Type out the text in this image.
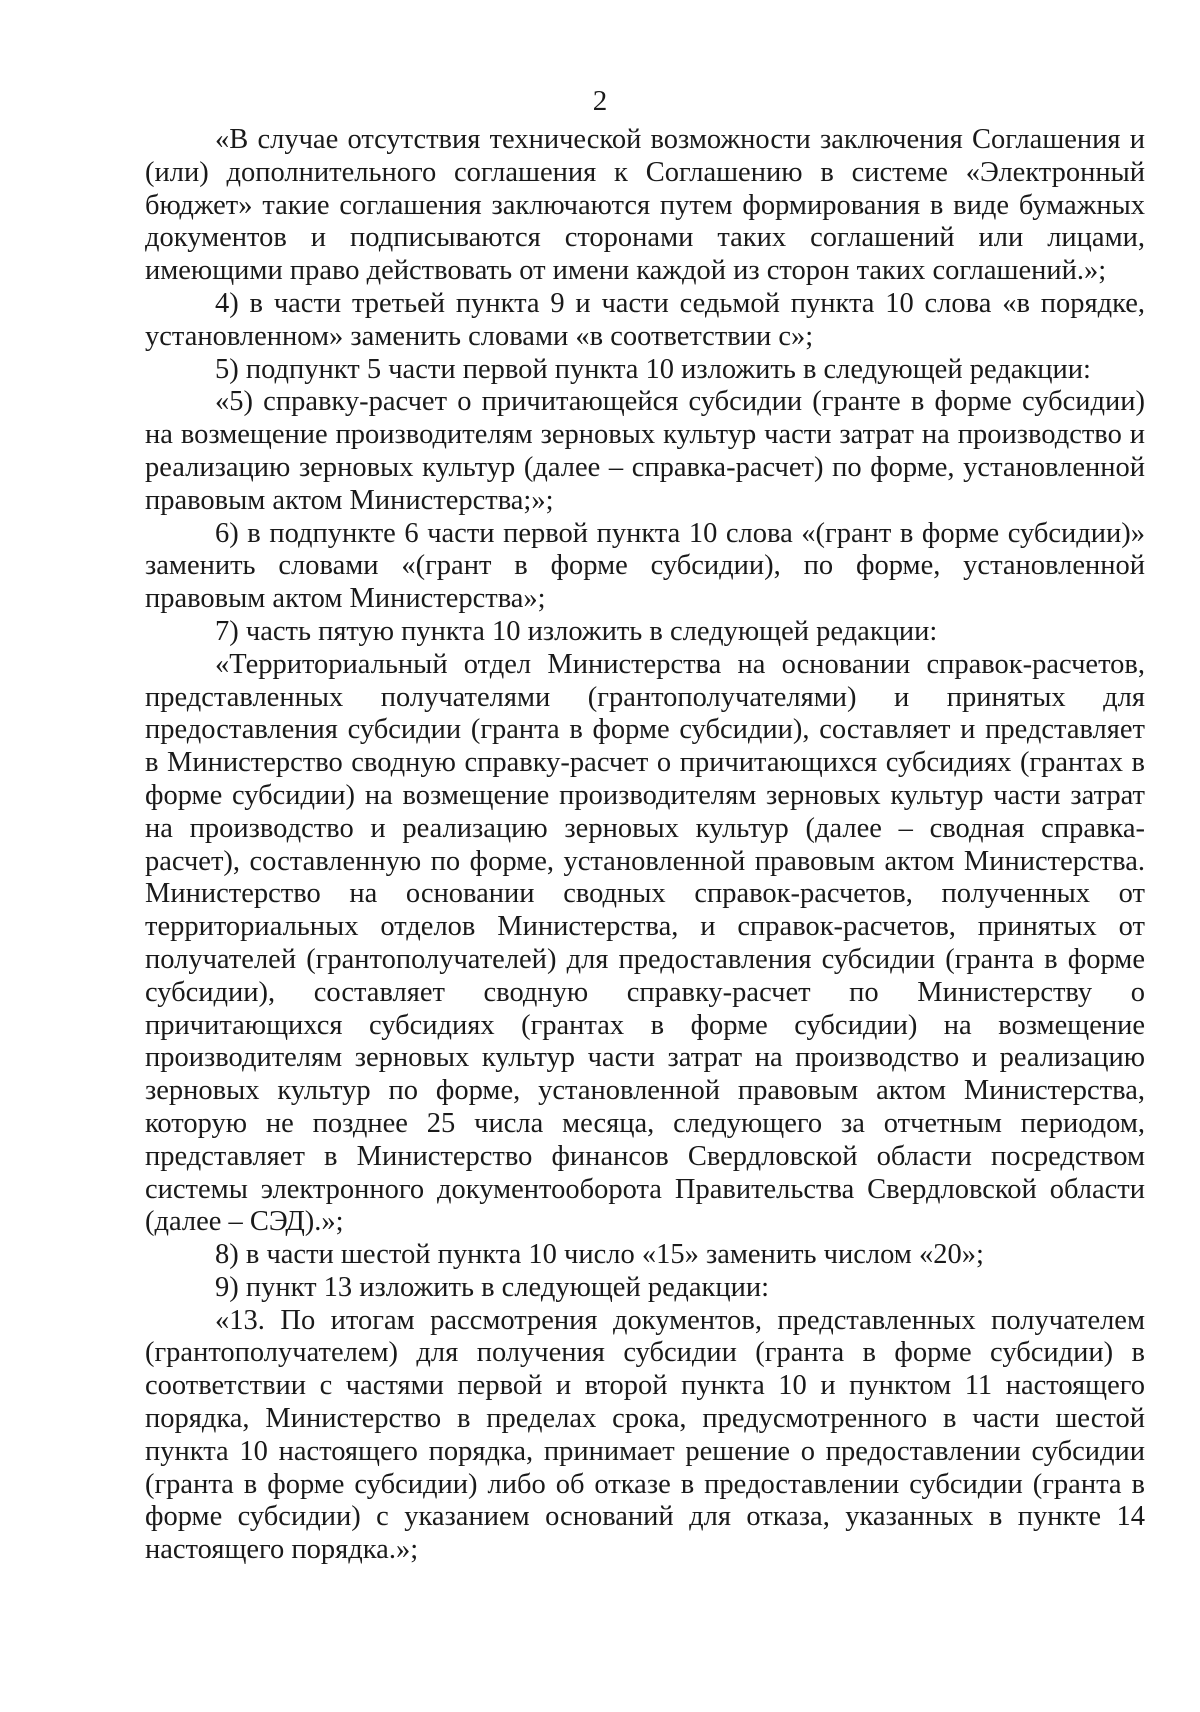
2

«В случае отсутствия технической возможности заключения Соглашения и (или) дополнительного соглашения к Соглашению в системе «Электронный бюджет» такие соглашения заключаются путем формирования в виде бумажных документов и подписываются сторонами таких соглашений или лицами, имеющими право действовать от имени каждой из сторон таких соглашений.»;

4) в части третьей пункта 9 и части седьмой пункта 10 слова «в порядке, установленном» заменить словами «в соответствии с»;

5) подпункт 5 части первой пункта 10 изложить в следующей редакции:

«5) справку-расчет о причитающейся субсидии (гранте в форме субсидии) на возмещение производителям зерновых культур части затрат на производство и реализацию зерновых культур (далее – справка-расчет) по форме, установленной правовым актом Министерства;»;

6) в подпункте 6 части первой пункта 10 слова «(грант в форме субсидии)» заменить словами «(грант в форме субсидии), по форме, установленной правовым актом Министерства»;

7) часть пятую пункта 10 изложить в следующей редакции:

«Территориальный отдел Министерства на основании справок-расчетов, представленных получателями (грантополучателями) и принятых для предоставления субсидии (гранта в форме субсидии), составляет и представляет в Министерство сводную справку-расчет о причитающихся субсидиях (грантах в форме субсидии) на возмещение производителям зерновых культур части затрат на производство и реализацию зерновых культур (далее – сводная справка-расчет), составленную по форме, установленной правовым актом Министерства. Министерство на основании сводных справок-расчетов, полученных от территориальных отделов Министерства, и справок-расчетов, принятых от получателей (грантополучателей) для предоставления субсидии (гранта в форме субсидии), составляет сводную справку-расчет по Министерству о причитающихся субсидиях (грантах в форме субсидии) на возмещение производителям зерновых культур части затрат на производство и реализацию зерновых культур по форме, установленной правовым актом Министерства, которую не позднее 25 числа месяца, следующего за отчетным периодом, представляет в Министерство финансов Свердловской области посредством системы электронного документооборота Правительства Свердловской области (далее – СЭД).»;

8) в части шестой пункта 10 число «15» заменить числом «20»;

9) пункт 13 изложить в следующей редакции:

«13. По итогам рассмотрения документов, представленных получателем (грантополучателем) для получения субсидии (гранта в форме субсидии) в соответствии с частями первой и второй пункта 10 и пунктом 11 настоящего порядка, Министерство в пределах срока, предусмотренного в части шестой пункта 10 настоящего порядка, принимает решение о предоставлении субсидии (гранта в форме субсидии) либо об отказе в предоставлении субсидии (гранта в форме субсидии) с указанием оснований для отказа, указанных в пункте 14 настоящего порядка.»;
